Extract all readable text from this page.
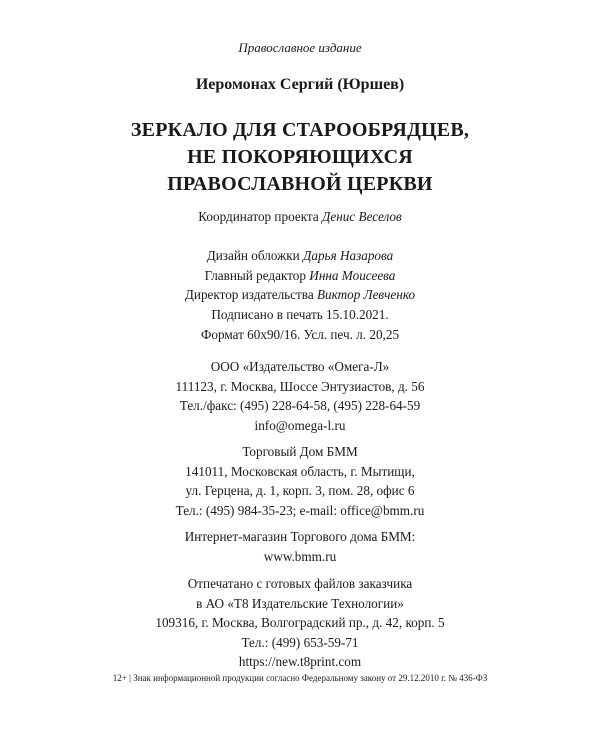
Православное издание
Иеромонах Сергий (Юршев)
ЗЕРКАЛО ДЛЯ СТАРООБРЯДЦЕВ,
НЕ ПОКОРЯЮЩИХСЯ
ПРАВОСЛАВНОЙ ЦЕРКВИ
Координатор проекта Денис Веселов
Дизайн обложки Дарья Назарова
Главный редактор Инна Моисеева
Директор издательства Виктор Левченко
Подписано в печать 15.10.2021.
Формат 60х90/16. Усл. печ. л. 20,25
ООО «Издательство «Омега-Л»
111123, г. Москва, Шоссе Энтузиастов, д. 56
Тел./факс: (495) 228-64-58, (495) 228-64-59
info@omega-l.ru
Торговый Дом БММ
141011, Московская область, г. Мытищи,
ул. Герцена, д. 1, корп. 3, пом. 28, офис 6
Тел.: (495) 984-35-23; e-mail: office@bmm.ru
Интернет-магазин Торгового дома БММ:
www.bmm.ru
Отпечатано с готовых файлов заказчика
в АО «Т8 Издательские Технологии»
109316, г. Москва, Волгоградский пр., д. 42, корп. 5
Тел.: (499) 653-59-71
https://new.t8print.com
12+ | Знак информационной продукции согласно Федеральному закону от 29.12.2010 г. № 436-ФЗ
